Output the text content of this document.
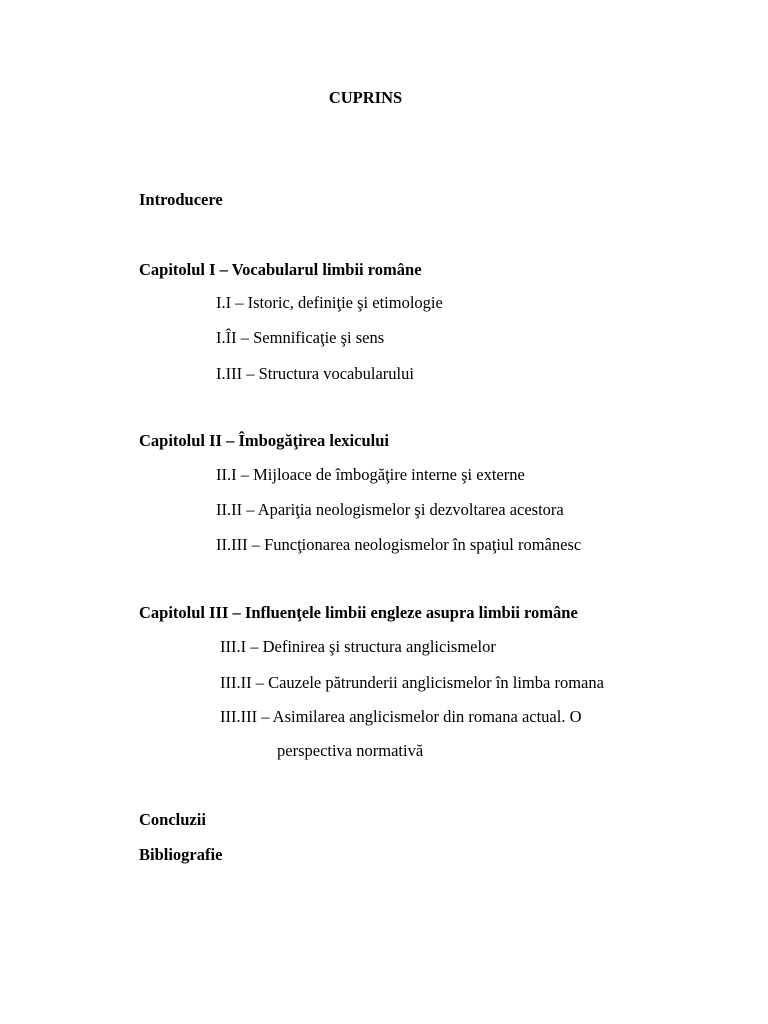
CUPRINS
Introducere
Capitolul I – Vocabularul limbii române
I.I – Istoric, definiţie şi etimologie
I.ÎI – Semnificaţie şi sens
I.III – Structura vocabularului
Capitolul II – Îmbogăţirea lexicului
II.I – Mijloace de îmbogăţire interne şi externe
II.II – Apariţia neologismelor şi dezvoltarea acestora
II.III – Funcţionarea neologismelor în spaţiul românesc
Capitolul III – Influenţele limbii engleze asupra limbii române
III.I – Definirea şi structura anglicismelor
III.II – Cauzele pătrunderii anglicismelor în limba romana
III.III – Asimilarea anglicismelor din romana actual. O
perspectiva normativă
Concluzii
Bibliografie
